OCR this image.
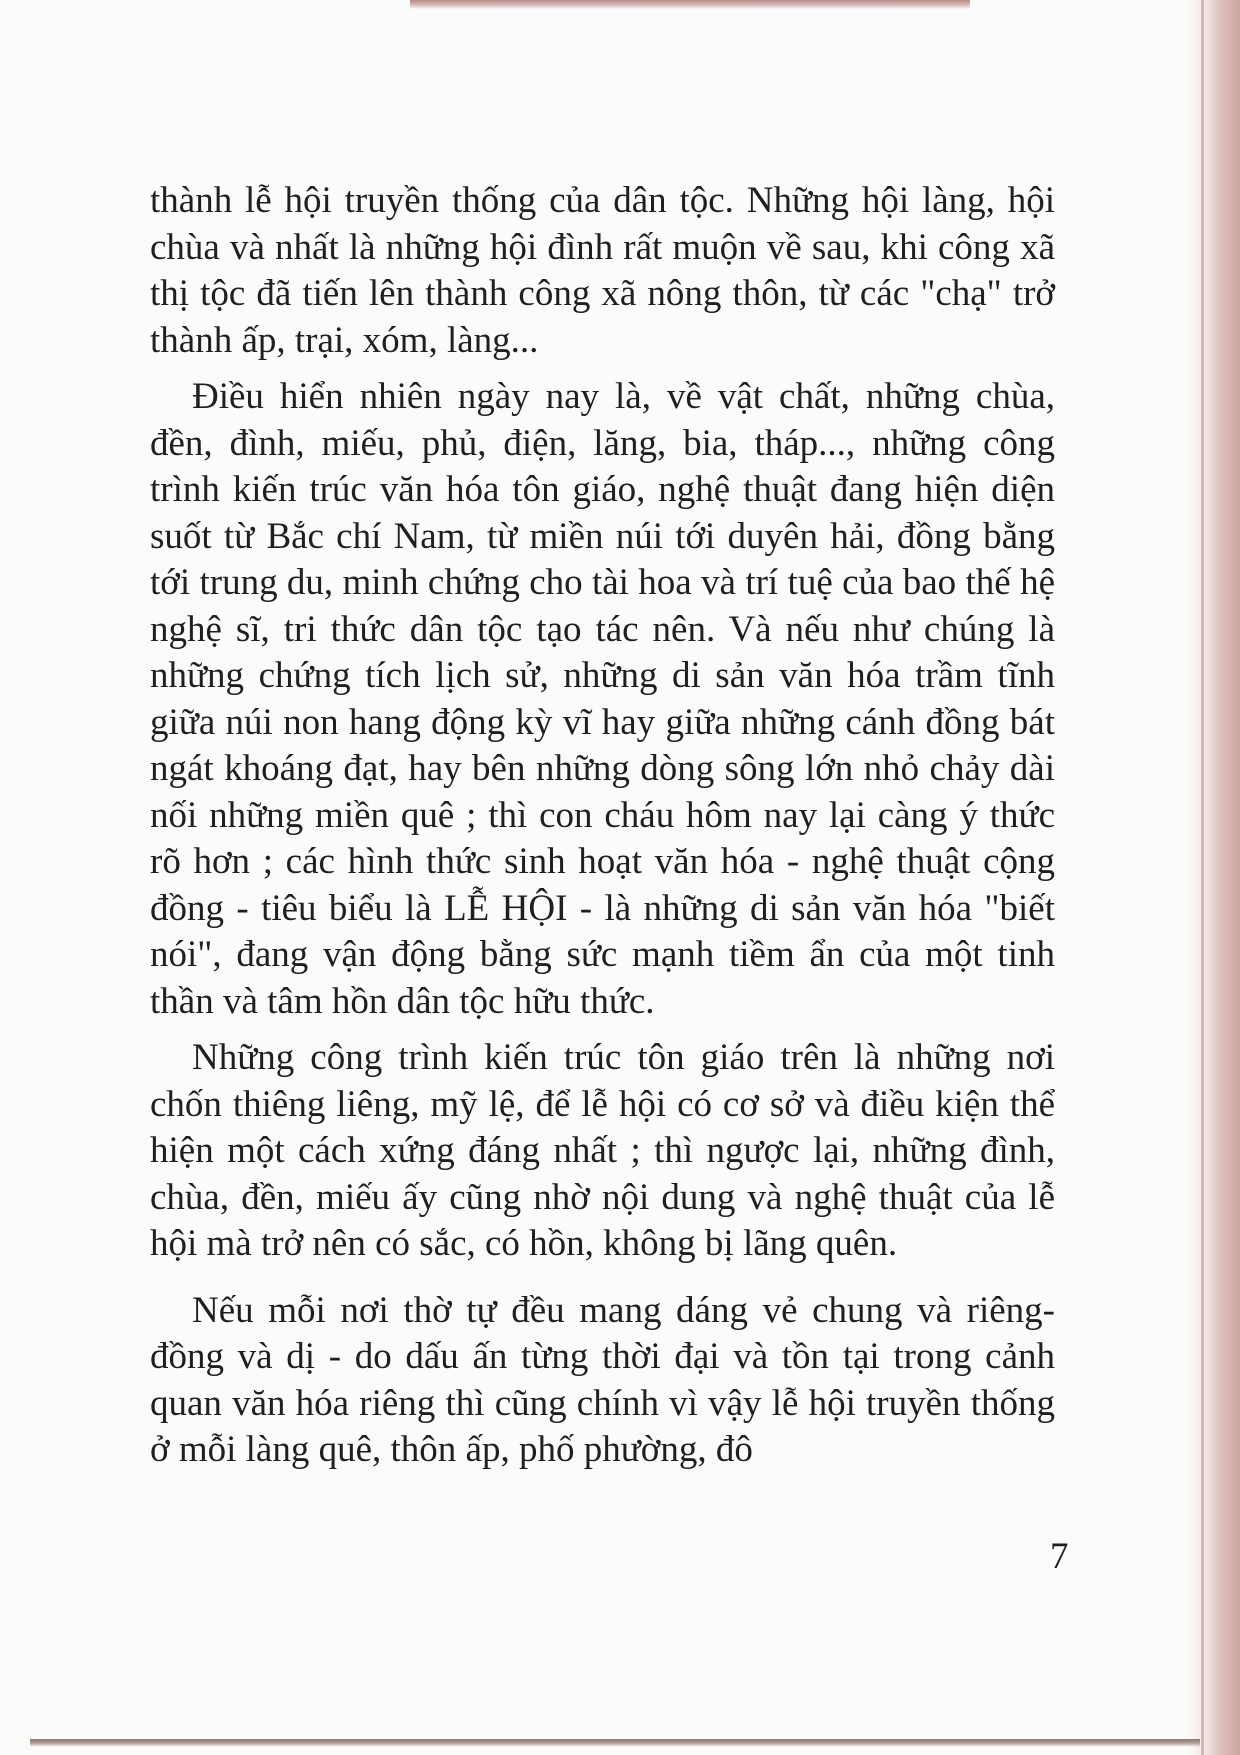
thành lễ hội truyền thống của dân tộc. Những hội làng, hội chùa và nhất là những hội đình rất muộn về sau, khi công xã thị tộc đã tiến lên thành công xã nông thôn, từ các "chạ" trở thành ấp, trại, xóm, làng...

Điều hiển nhiên ngày nay là, về vật chất, những chùa, đền, đình, miếu, phủ, điện, lăng, bia, tháp..., những công trình kiến trúc văn hóa tôn giáo, nghệ thuật đang hiện diện suốt từ Bắc chí Nam, từ miền núi tới duyên hải, đồng bằng tới trung du, minh chứng cho tài hoa và trí tuệ của bao thế hệ nghệ sĩ, tri thức dân tộc tạo tác nên. Và nếu như chúng là những chứng tích lịch sử, những di sản văn hóa trầm tĩnh giữa núi non hang động kỳ vĩ hay giữa những cánh đồng bát ngát khoáng đạt, hay bên những dòng sông lớn nhỏ chảy dài nối những miền quê ; thì con cháu hôm nay lại càng ý thức rõ hơn ; các hình thức sinh hoạt văn hóa - nghệ thuật cộng đồng - tiêu biểu là LỄ HỘI - là những di sản văn hóa "biết nói", đang vận động bằng sức mạnh tiềm ẩn của một tinh thần và tâm hồn dân tộc hữu thức.

Những công trình kiến trúc tôn giáo trên là những nơi chốn thiêng liêng, mỹ lệ, để lễ hội có cơ sở và điều kiện thể hiện một cách xứng đáng nhất ; thì ngược lại, những đình, chùa, đền, miếu ấy cũng nhờ nội dung và nghệ thuật của lễ hội mà trở nên có sắc, có hồn, không bị lãng quên.

Nếu mỗi nơi thờ tự đều mang dáng vẻ chung và riêng-đồng và dị - do dấu ấn từng thời đại và tồn tại trong cảnh quan văn hóa riêng thì cũng chính vì vậy lễ hội truyền thống ở mỗi làng quê, thôn ấp, phố phường, đô

7
